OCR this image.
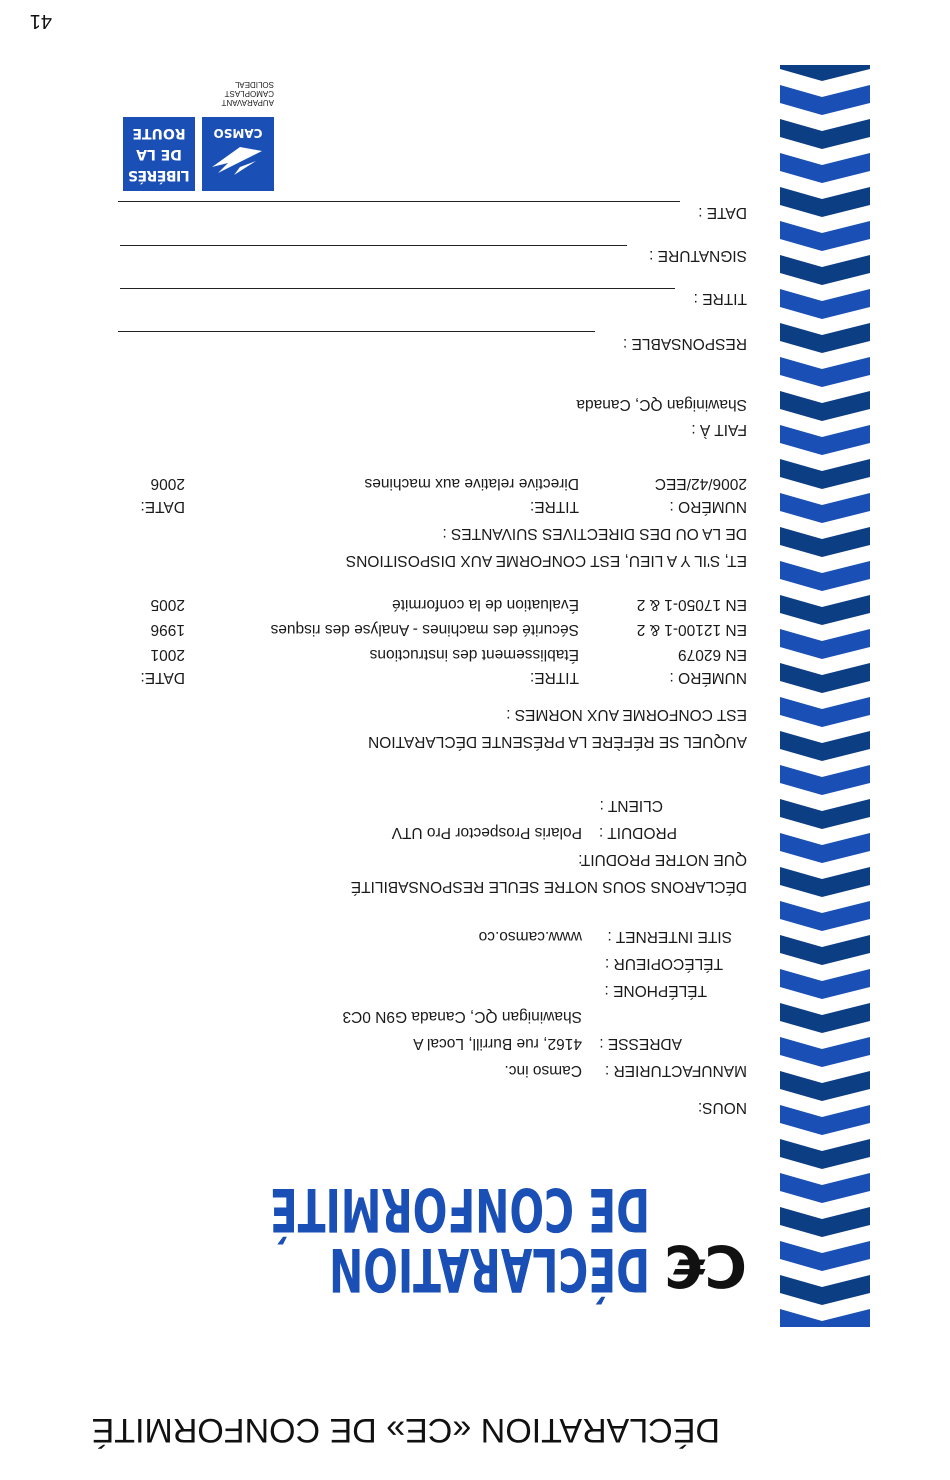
DÉCLARATION «CE» DE CONFORMITÉ
C€
DÉCLARATION
DE CONFORMITÉ
NOUS:
MANUFACTURIER :
Camso inc.
ADRESSE :
4162, rue Burrill, Local A
Shawinigan QC, Canada G9N 0C3
TÉLÉPHONE :
TÉLÉCOPIEUR :
SITE INTERNET :
www.camso.co
DÉCLARONS SOUS NOTRE SEULE RESPONSABILITÉ
QUE NOTRE PRODUIT:
PRODUIT :
Polaris Prospector Pro UTV
CLIENT :
AUQUEL SE RÉFÈRE LA PRÉSENTE DÉCLARATION
EST CONFORME AUX NORMES :
NUMÉRO :
TITRE:
DATE:
EN 62079
Établissement des instructions
2001
EN 12100-1 & 2
Sécurité des machines - Analyse des risques
1996
EN 17050-1 & 2
Évaluation de la conformité
2005
ET, S'IL Y A LIEU, EST CONFORME AUX DISPOSITIONS
DE LA OU DES DIRECTIVES SUIVANTES :
NUMÉRO :
TITRE:
DATE:
2006/42/EEC
Directive relative aux machines
2006
FAIT À :
Shawinigan QC, Canada
RESPONSABLE :
TITRE :
SIGNATURE :
DATE :
CAMSO
LIBÉRÉS
DE LA
ROUTE
AUPARAVANT
CAMOPLAST
SOLIDEAL
41
